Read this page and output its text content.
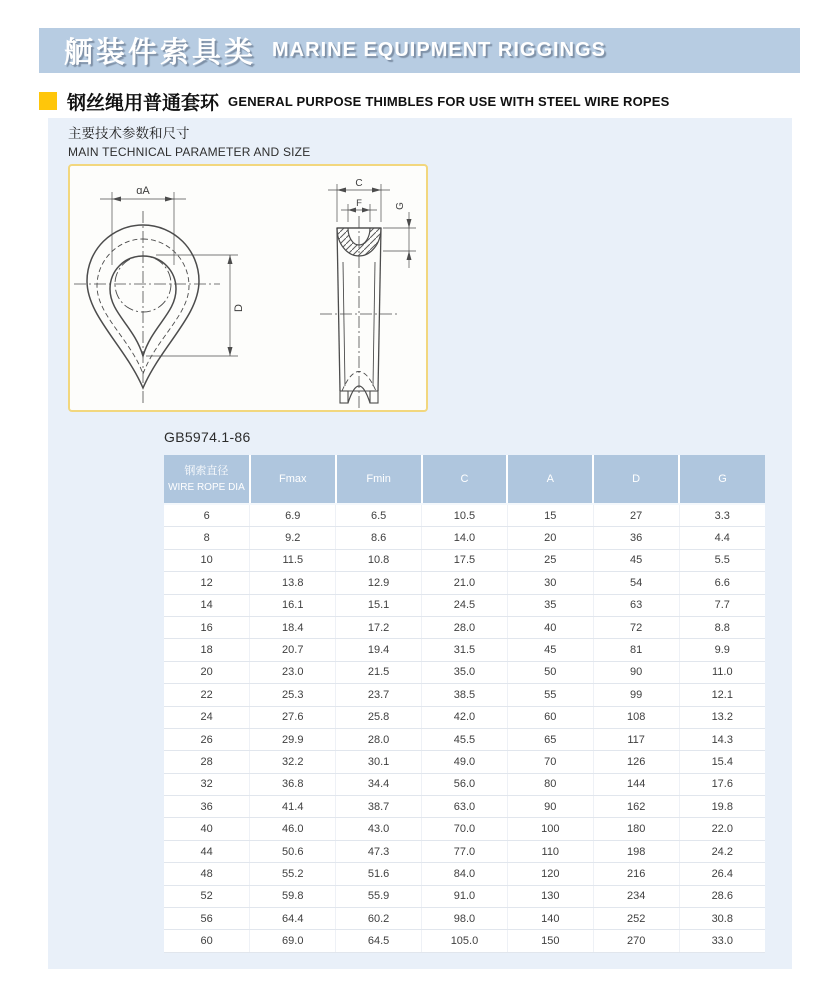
舾装件索具类 MARINE EQUIPMENT RIGGINGS
钢丝绳用普通套环 GENERAL PURPOSE THIMBLES FOR USE WITH STEEL WIRE ROPES
主要技术参数和尺寸
MAIN TECHNICAL PARAMETER AND SIZE
ɑA
D
C
F	G
GB5974.1-86
钢索直径
WIRE ROPE DIA	Fmax	Fmin	C	A	D	G
6	6.9	6.5	10.5	15	27	3.3
8	9.2	8.6	14.0	20	36	4.4
10	11.5	10.8	17.5	25	45	5.5
12	13.8	12.9	21.0	30	54	6.6
14	16.1	15.1	24.5	35	63	7.7
16	18.4	17.2	28.0	40	72	8.8
18	20.7	19.4	31.5	45	81	9.9
20	23.0	21.5	35.0	50	90	11.0
22	25.3	23.7	38.5	55	99	12.1
24	27.6	25.8	42.0	60	108	13.2
26	29.9	28.0	45.5	65	117	14.3
28	32.2	30.1	49.0	70	126	15.4
32	36.8	34.4	56.0	80	144	17.6
36	41.4	38.7	63.0	90	162	19.8
40	46.0	43.0	70.0	100	180	22.0
44	50.6	47.3	77.0	110	198	24.2
48	55.2	51.6	84.0	120	216	26.4
52	59.8	55.9	91.0	130	234	28.6
56	64.4	60.2	98.0	140	252	30.8
60	69.0	64.5	105.0	150	270	33.0
